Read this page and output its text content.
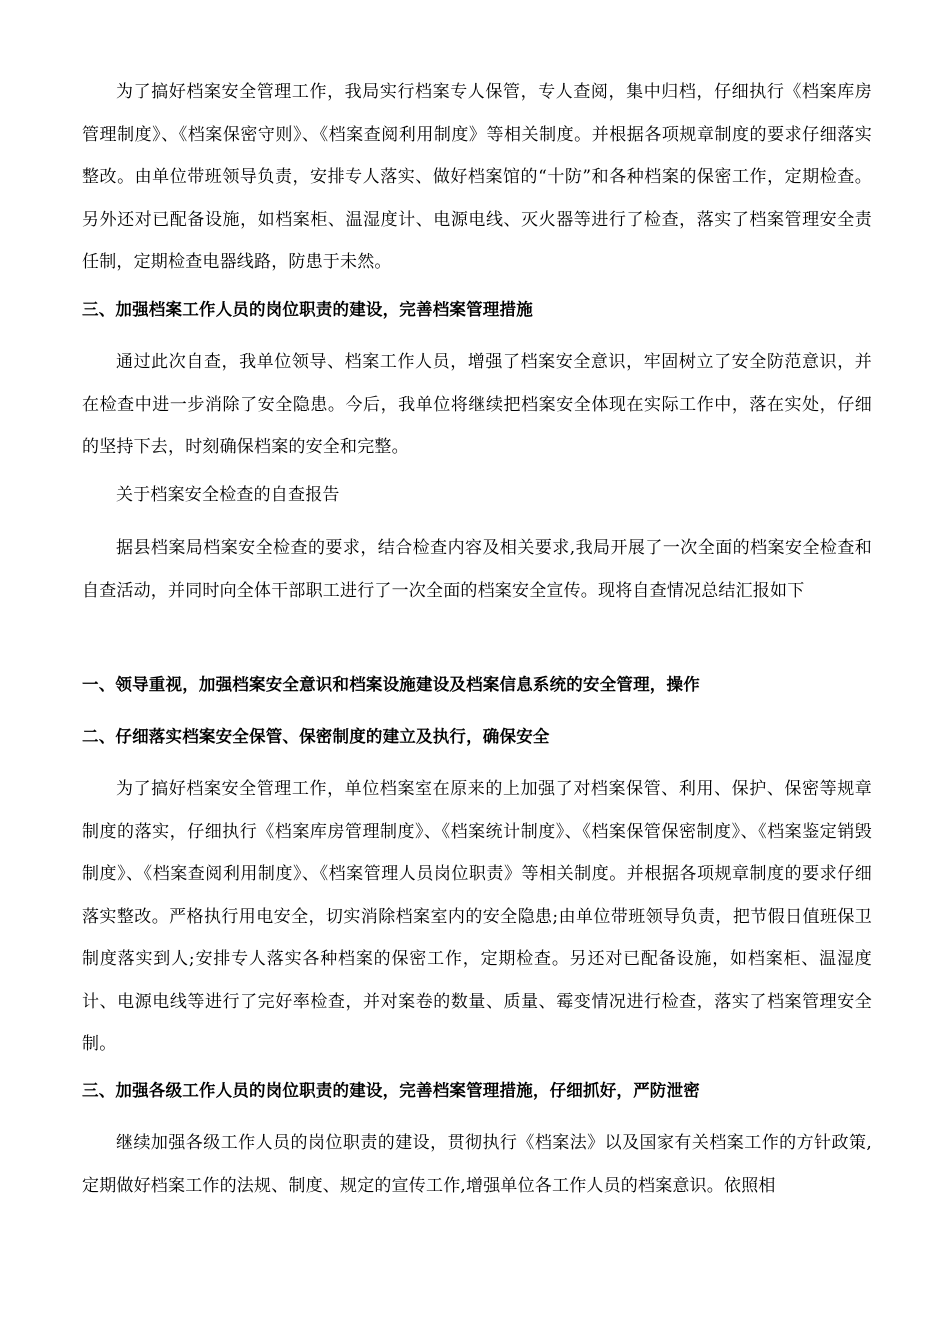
为了搞好档案安全管理工作，我局实行档案专人保管，专人查阅，集中归档，仔细执行《档案库房管理制度》、《档案保密守则》、《档案查阅利用制度》等相关制度。并根据各项规章制度的要求仔细落实整改。由单位带班领导负责，安排专人落实、做好档案馆的“十防”和各种档案的保密工作，定期检查。另外还对已配备设施，如档案柜、温湿度计、电源电线、灭火器等进行了检查，落实了档案管理安全责任制，定期检查电器线路，防患于未然。
三、加强档案工作人员的岗位职责的建设，完善档案管理措施
通过此次自查，我单位领导、档案工作人员，增强了档案安全意识，牢固树立了安全防范意识，并在检查中进一步消除了安全隐患。今后，我单位将继续把档案安全体现在实际工作中，落在实处，仔细的坚持下去，时刻确保档案的安全和完整。
关于档案安全检查的自查报告
据县档案局档案安全检查的要求，结合检查内容及相关要求,我局开展了一次全面的档案安全检查和自查活动，并同时向全体干部职工进行了一次全面的档案安全宣传。现将自查情况总结汇报如下
一、领导重视，加强档案安全意识和档案设施建设及档案信息系统的安全管理，操作
二、仔细落实档案安全保管、保密制度的建立及执行，确保安全
为了搞好档案安全管理工作，单位档案室在原来的上加强了对档案保管、利用、保护、保密等规章制度的落实，仔细执行《档案库房管理制度》、《档案统计制度》、《档案保管保密制度》、《档案鉴定销毁制度》、《档案查阅利用制度》、《档案管理人员岗位职责》等相关制度。并根据各项规章制度的要求仔细落实整改。严格执行用电安全，切实消除档案室内的安全隐患;由单位带班领导负责，把节假日值班保卫制度落实到人;安排专人落实各种档案的保密工作，定期检查。另还对已配备设施，如档案柜、温湿度计、电源电线等进行了完好率检查，并对案卷的数量、质量、霉变情况进行检查，落实了档案管理安全制。
三、加强各级工作人员的岗位职责的建设，完善档案管理措施，仔细抓好，严防泄密
继续加强各级工作人员的岗位职责的建设，贯彻执行《档案法》以及国家有关档案工作的方针政策,定期做好档案工作的法规、制度、规定的宣传工作,增强单位各工作人员的档案意识。依照相
